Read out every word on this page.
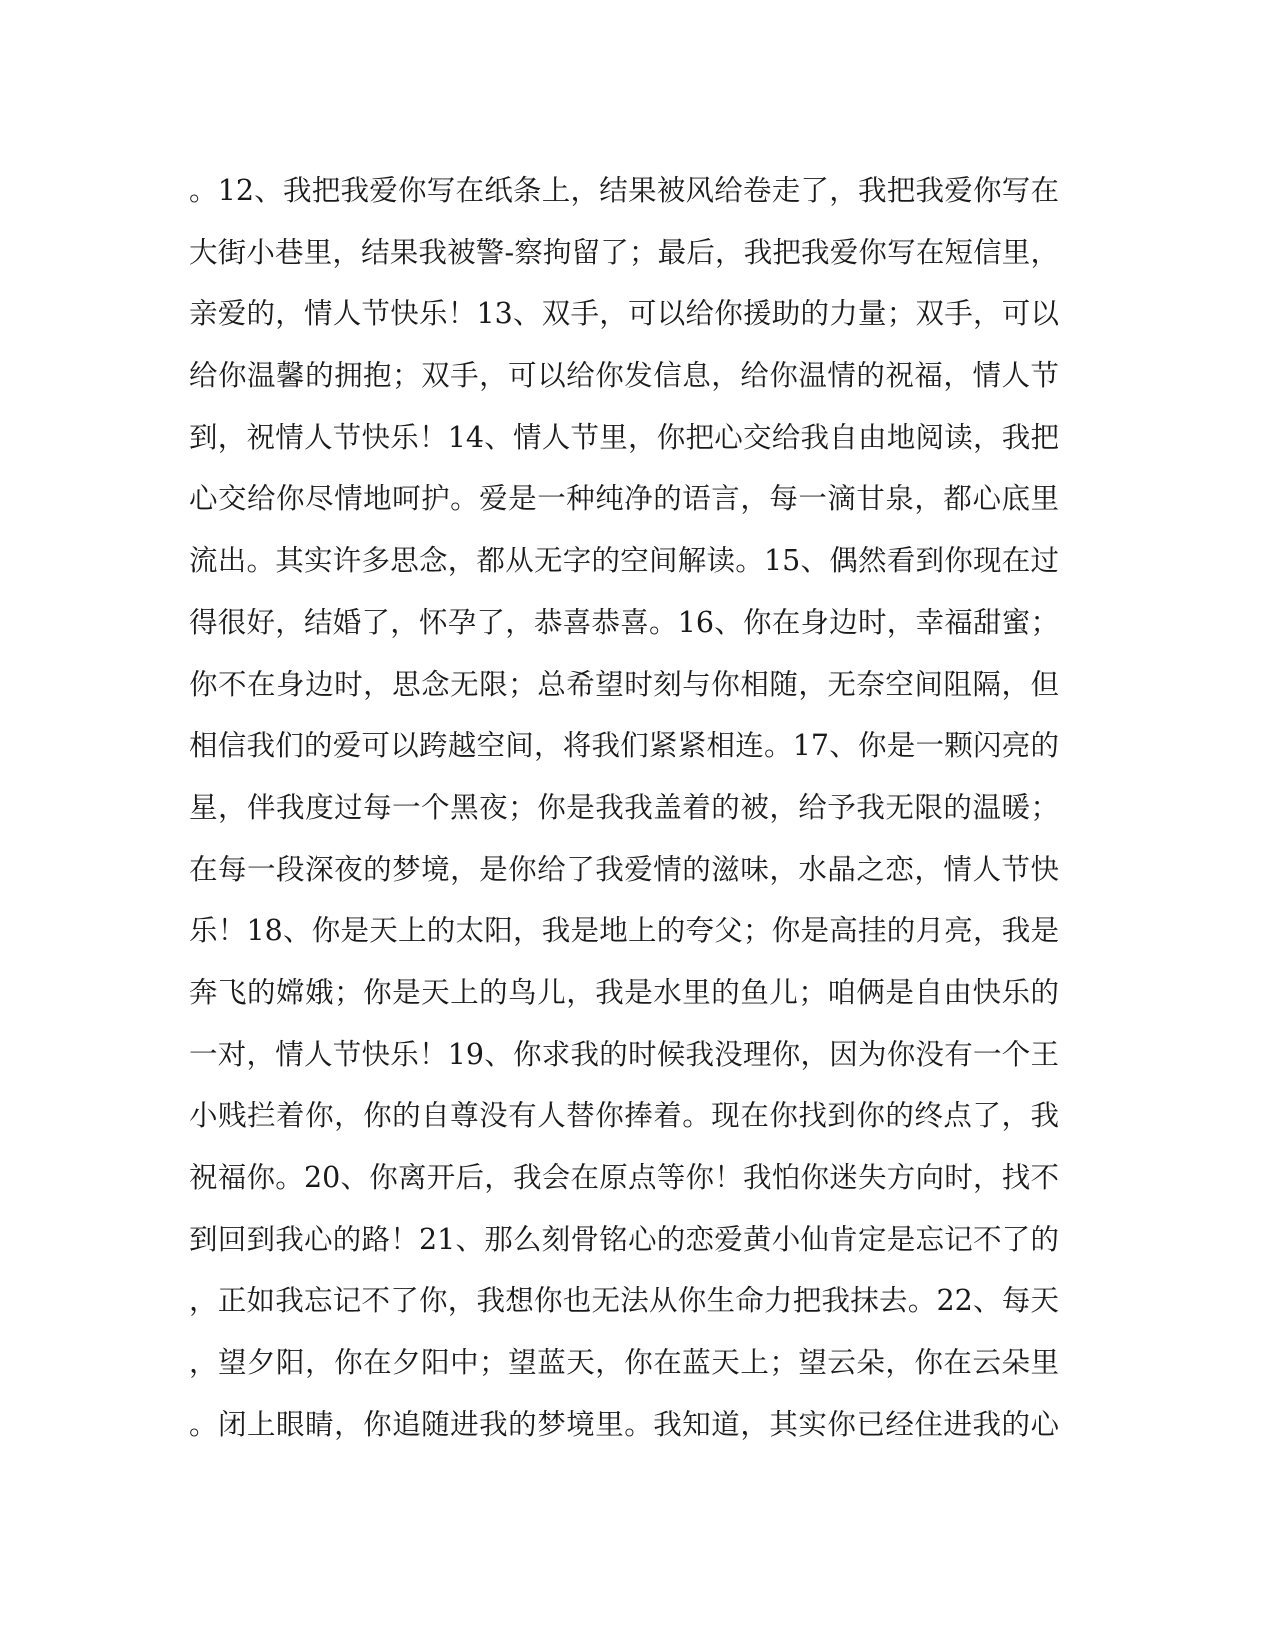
。12、我把我爱你写在纸条上，结果被风给卷走了，我把我爱你写在
大街小巷里，结果我被警-察拘留了；最后，我把我爱你写在短信里，
亲爱的，情人节快乐！13、双手，可以给你援助的力量；双手，可以
给你温馨的拥抱；双手，可以给你发信息，给你温情的祝福，情人节
到，祝情人节快乐！14、情人节里，你把心交给我自由地阅读，我把
心交给你尽情地呵护。爱是一种纯净的语言，每一滴甘泉，都心底里
流出。其实许多思念，都从无字的空间解读。15、偶然看到你现在过
得很好，结婚了，怀孕了，恭喜恭喜。16、你在身边时，幸福甜蜜；
你不在身边时，思念无限；总希望时刻与你相随，无奈空间阻隔，但
相信我们的爱可以跨越空间，将我们紧紧相连。17、你是一颗闪亮的
星，伴我度过每一个黑夜；你是我我盖着的被，给予我无限的温暖；
在每一段深夜的梦境，是你给了我爱情的滋味，水晶之恋，情人节快
乐！18、你是天上的太阳，我是地上的夸父；你是高挂的月亮，我是
奔飞的嫦娥；你是天上的鸟儿，我是水里的鱼儿；咱俩是自由快乐的
一对，情人节快乐！19、你求我的时候我没理你，因为你没有一个王
小贱拦着你，你的自尊没有人替你捧着。现在你找到你的终点了，我
祝福你。20、你离开后，我会在原点等你！我怕你迷失方向时，找不
到回到我心的路！21、那么刻骨铭心的恋爱黄小仙肯定是忘记不了的
，正如我忘记不了你，我想你也无法从你生命力把我抹去。22、每天
，望夕阳，你在夕阳中；望蓝天，你在蓝天上；望云朵，你在云朵里
。闭上眼睛，你追随进我的梦境里。我知道，其实你已经住进我的心
